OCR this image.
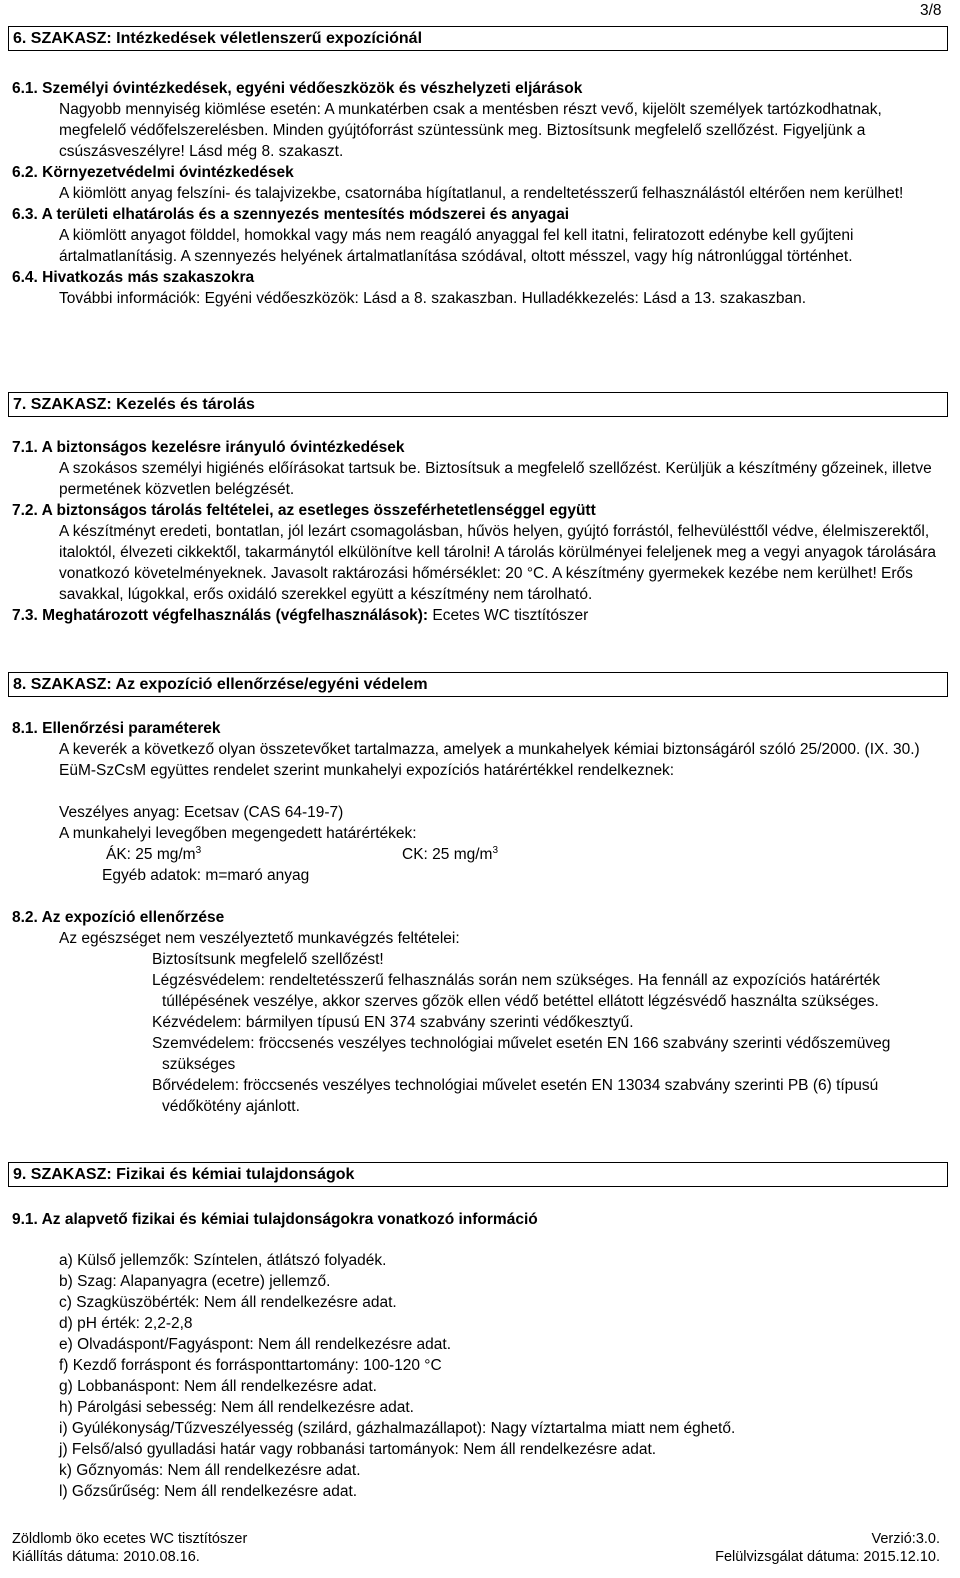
3/8
6. SZAKASZ: Intézkedések véletlenszerű expozíciónál

6.1. Személyi óvintézkedések, egyéni védőeszközök és vészhelyzeti eljárások

Nagyobb mennyiség kiömlése esetén: A munkatérben csak a mentésben részt vevő, kijelölt személyek tartózkodhatnak, megfelelő védőfelszerelésben. Minden gyújtóforrást szüntessünk meg. Biztosítsunk megfelelő szellőzést. Figyeljünk a csúszásveszélyre! Lásd még 8. szakaszt.

6.2. Környezetvédelmi óvintézkedések

A kiömlött anyag felszíni- és talajvizekbe, csatornába hígítatlanul, a rendeltetésszerű felhasználástól eltérően nem kerülhet!

6.3. A területi elhatárolás és a szennyezés mentesítés módszerei és anyagai

A kiömlött anyagot földdel, homokkal vagy más nem reagáló anyaggal fel kell itatni, feliratozott edénybe kell gyűjteni ártalmatlanításig. A szennyezés helyének ártalmatlanítása szódával, oltott mésszel, vagy híg nátronlúggal történhet.

6.4. Hivatkozás más szakaszokra

További információk: Egyéni védőeszközök: Lásd a 8. szakaszban. Hulladékkezelés: Lásd a 13. szakaszban.

7. SZAKASZ: Kezelés és tárolás

7.1. A biztonságos kezelésre irányuló óvintézkedések

A szokásos személyi higiénés előírásokat tartsuk be. Biztosítsuk a megfelelő szellőzést. Kerüljük a készítmény gőzeinek, illetve permetének közvetlen belégzését.

7.2. A biztonságos tárolás feltételei, az esetleges összeférhetetlenséggel együtt

A készítményt eredeti, bontatlan, jól lezárt csomagolásban, hűvös helyen, gyújtó forrástól, felhevülésttől védve, élelmiszerektől, italoktól, élvezeti cikkektől, takarmánytól elkülönítve kell tárolni! A tárolás körülményei feleljenek meg a vegyi anyagok tárolására vonatkozó követelményeknek. Javasolt raktározási hőmérséklet: 20 °C. A készítmény gyermekek kezébe nem kerülhet! Erős savakkal, lúgokkal, erős oxidáló szerekkel együtt a készítmény nem tárolható.

7.3. Meghatározott végfelhasználás (végfelhasználások): Ecetes WC tisztítószer

8. SZAKASZ: Az expozíció ellenőrzése/egyéni védelem

8.1. Ellenőrzési paraméterek

A keverék a következő olyan összetevőket tartalmazza, amelyek a munkahelyek kémiai biztonságáról szóló 25/2000. (IX. 30.) EüM-SzCsM együttes rendelet szerint munkahelyi expozíciós határértékkel rendelkeznek:

Veszélyes anyag: Ecetsav (CAS 64-19-7)

A munkahelyi levegőben megengedett határértékek:

ÁK: 25 $mg/m^3$	CK: 25 $mg/m^3$

Egyéb adatok: m=maró anyag

8.2. Az expozíció ellenőrzése

Az egészséget nem veszélyeztető munkavégzés feltételei:

Biztosítsunk megfelelő szellőzést!

Légzésvédelem: rendeltetésszerű felhasználás során nem szükséges. Ha fennáll az expozíciós határérték túllépésének veszélye, akkor szerves gőzök ellen védő betéttel ellátott légzésvédő használta szükséges.

Kézvédelem: bármilyen típusú EN 374 szabvány szerinti védőkesztyű.

Szemvédelem: fröccsenés veszélyes technológiai művelet esetén EN 166 szabvány szerinti védőszemüveg szükséges

Bőrvédelem: fröccsenés veszélyes technológiai művelet esetén EN 13034 szabvány szerinti PB (6) típusú védőkötény ajánlott.

9. SZAKASZ: Fizikai és kémiai tulajdonságok

9.1. Az alapvető fizikai és kémiai tulajdonságokra vonatkozó információ

a) Külső jellemzők: Színtelen, átlátszó folyadék.

b) Szag: Alapanyagra (ecetre) jellemző.

c) Szagküszöbérték: Nem áll rendelkezésre adat.

d) pH érték: 2,2-2,8

e) Olvadáspont/Fagyáspont: Nem áll rendelkezésre adat.

f) Kezdő forráspont és forrásponttartomány: 100-120 °C

g) Lobbanáspont: Nem áll rendelkezésre adat.

h) Párolgási sebesség: Nem áll rendelkezésre adat.

i) Gyúlékonyság/Tűzveszélyesség (szilárd, gázhalmazállapot): Nagy víztartalma miatt nem éghető.

j) Felső/alsó gyulladási határ vagy robbanási tartományok: Nem áll rendelkezésre adat.

k) Gőznyomás: Nem áll rendelkezésre adat.

l) Gőzsűrűség: Nem áll rendelkezésre adat.

Zöldlomb öko ecetes WC tisztítószer	Verzió:3.0.
Kiállítás dátuma: 2010.08.16.	Felülvizsgálat dátuma: 2015.12.10.
